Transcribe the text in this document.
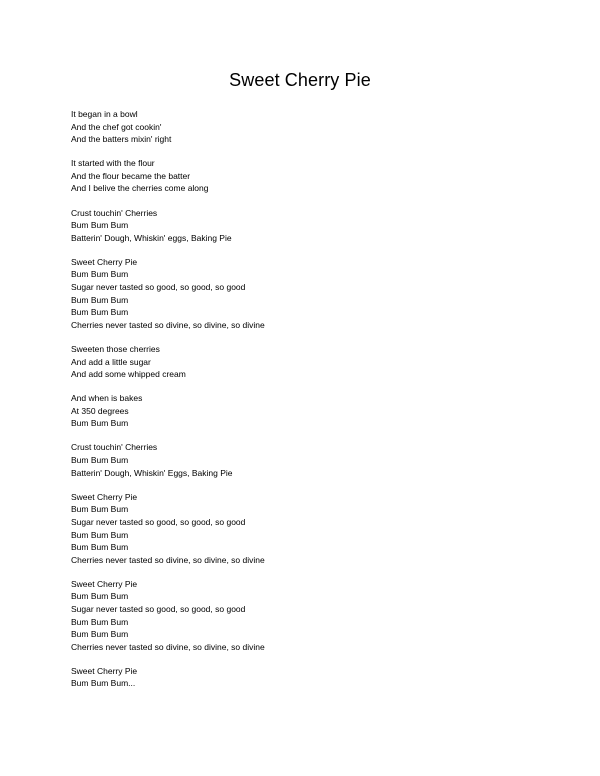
Sweet Cherry Pie
It began in a bowl
And the chef got cookin'
And the batters mixin' right
It started with the flour
And the flour became the batter
And I belive the cherries come along
Crust touchin' Cherries
Bum Bum Bum
Batterin' Dough, Whiskin' eggs, Baking Pie
Sweet Cherry Pie
Bum Bum Bum
Sugar never tasted so good, so good, so good
Bum Bum Bum
Bum Bum Bum
Cherries never tasted so divine, so divine, so divine
Sweeten those cherries
And add a little sugar
And add some whipped cream
And when is bakes
At 350 degrees
Bum Bum Bum
Crust touchin' Cherries
Bum Bum Bum
Batterin' Dough, Whiskin' Eggs, Baking Pie
Sweet Cherry Pie
Bum Bum Bum
Sugar never tasted so good, so good, so good
Bum Bum Bum
Bum Bum Bum
Cherries never tasted so divine, so divine, so divine
Sweet Cherry Pie
Bum Bum Bum
Sugar never tasted so good, so good, so good
Bum Bum Bum
Bum Bum Bum
Cherries never tasted so divine, so divine, so divine
Sweet Cherry Pie
Bum Bum Bum...
